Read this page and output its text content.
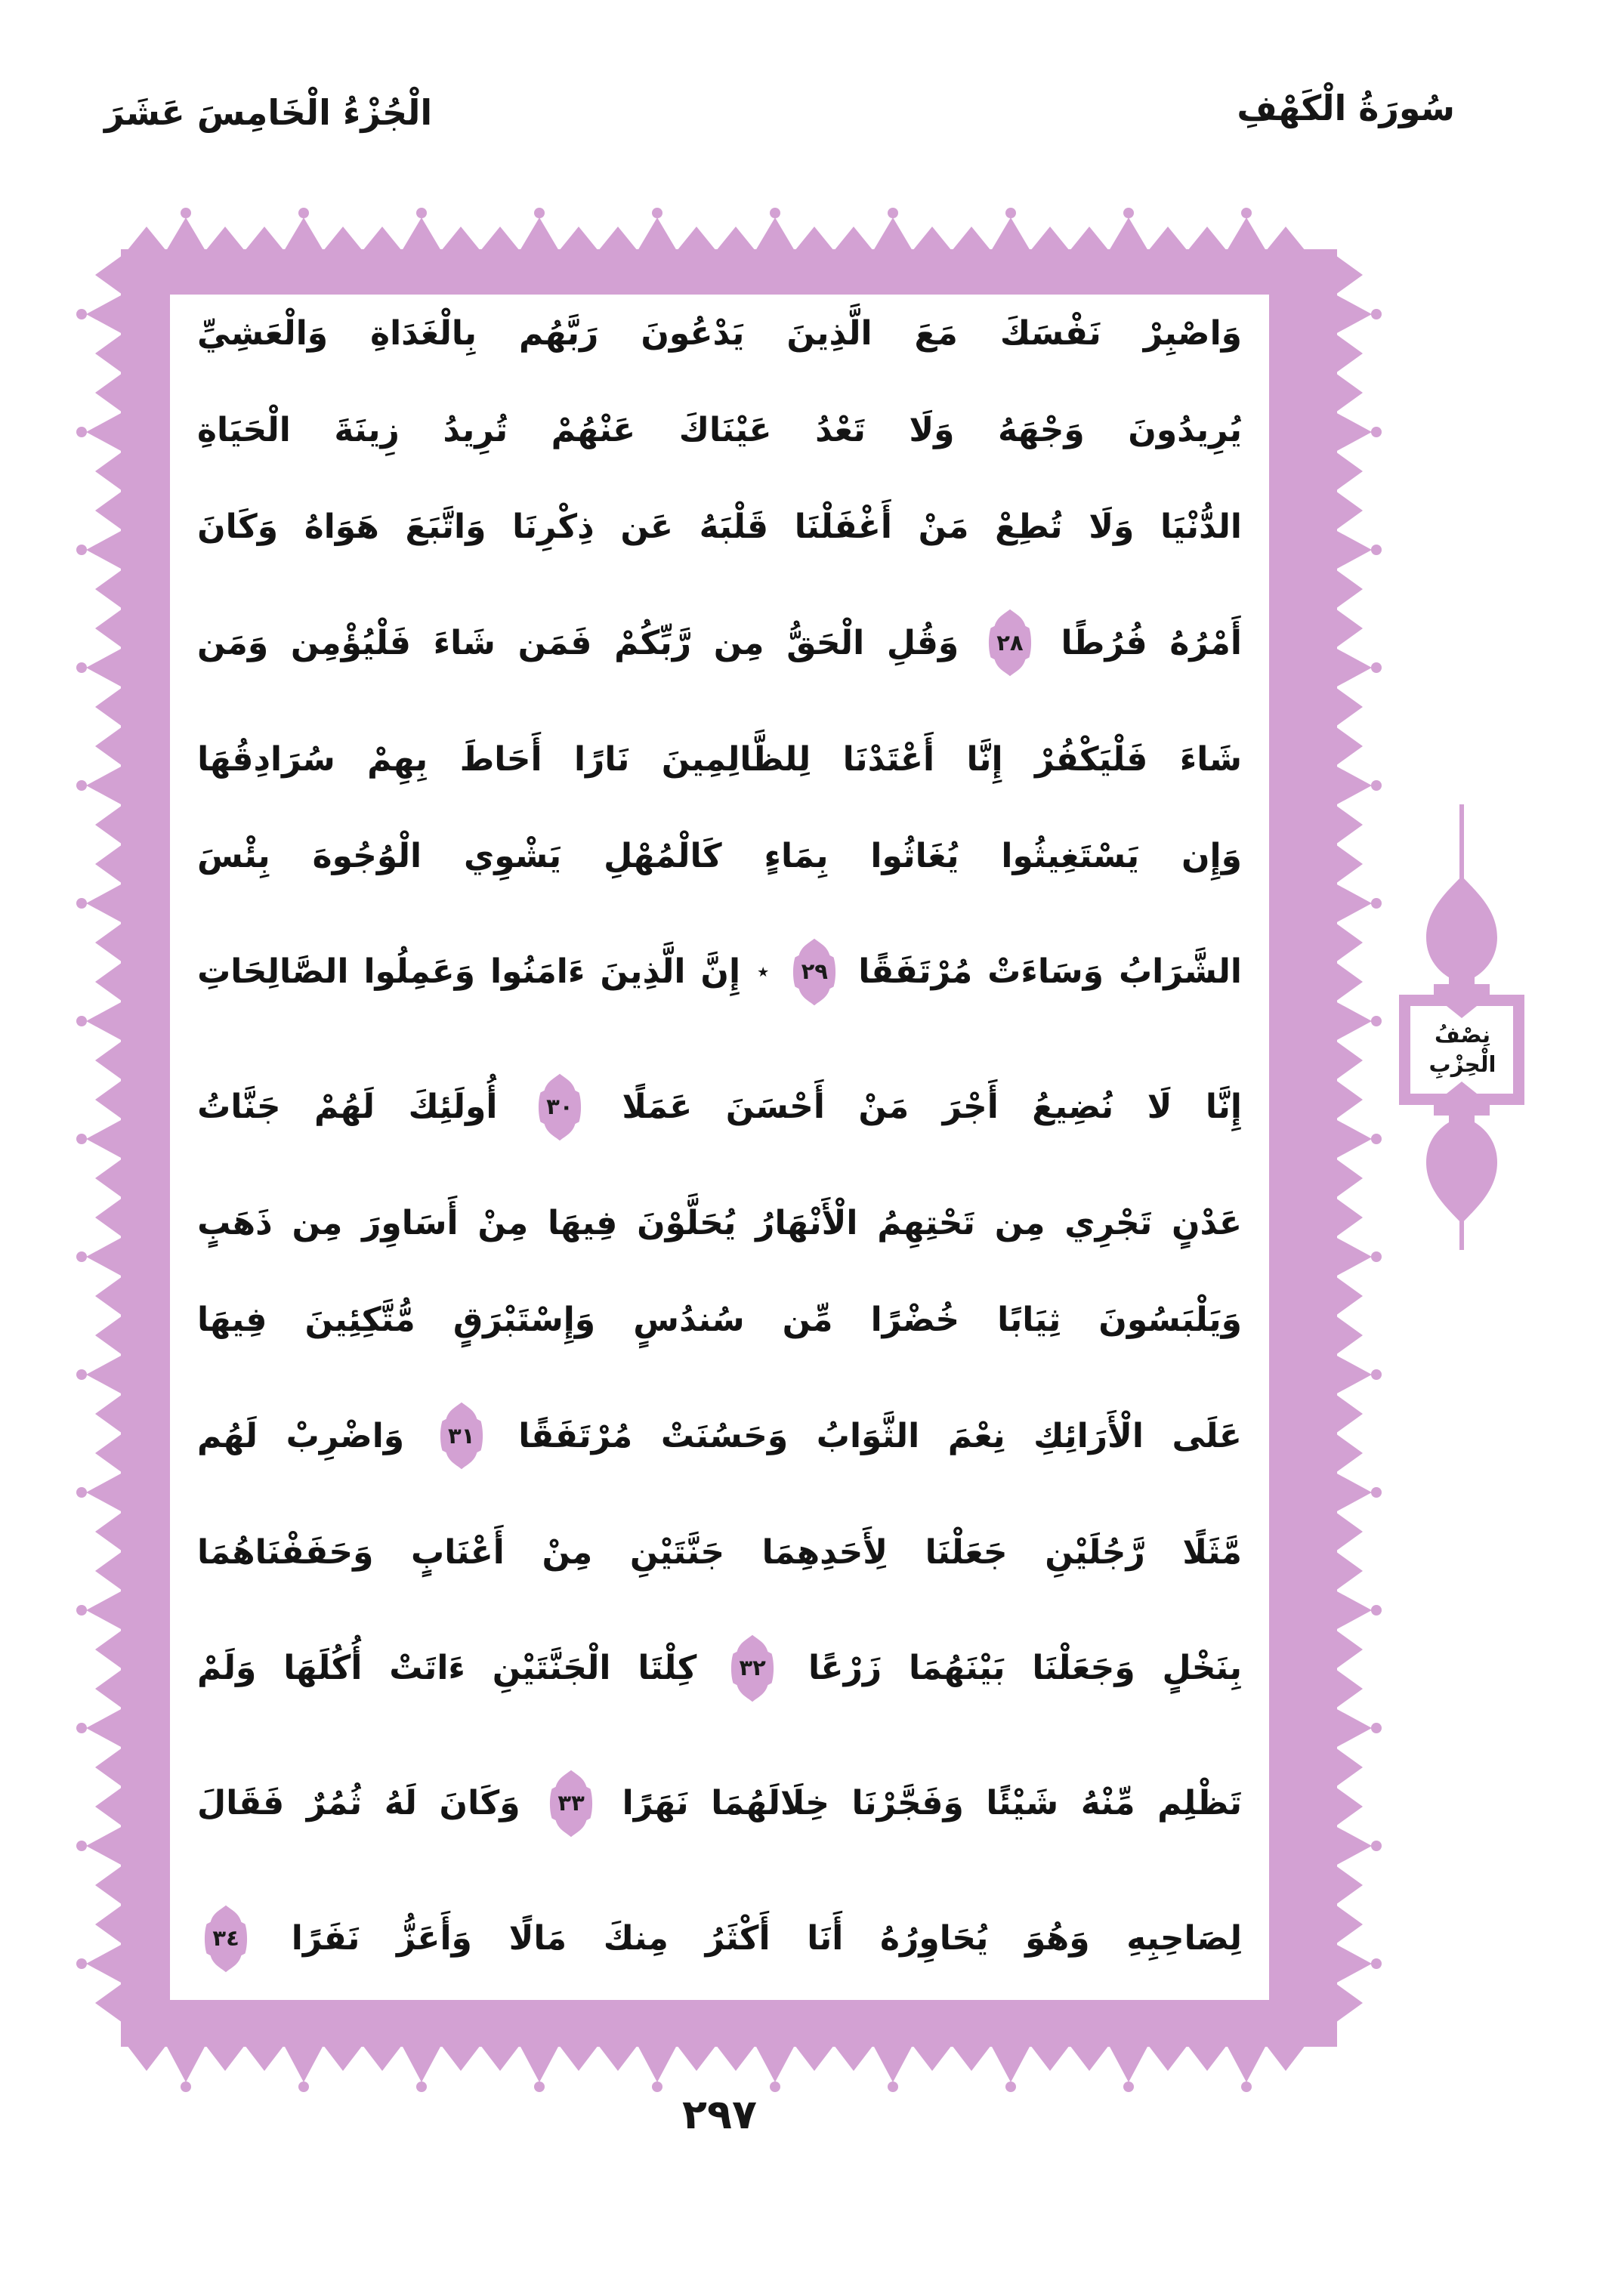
الْجُزْءُ الْخَامِسَ عَشَرَ	سُورَةُ الْكَهْفِ
نِصْفُ
الْحِزْبِ
وَاصْبِرْ
نَفْسَكَ
مَعَ
الَّذِينَ
يَدْعُونَ
رَبَّهُم
بِالْغَدَاةِ
وَالْعَشِيِّ
يُرِيدُونَ
وَجْهَهُ
وَلَا
تَعْدُ
عَيْنَاكَ
عَنْهُمْ
تُرِيدُ
زِينَةَ
الْحَيَاةِ
الدُّنْيَا
وَلَا
تُطِعْ
مَنْ
أَغْفَلْنَا
قَلْبَهُ
عَن
ذِكْرِنَا
وَاتَّبَعَ
هَوَاهُ
وَكَانَ
أَمْرُهُ
فُرُطًا
٢٨
وَقُلِ
الْحَقُّ
مِن
رَّبِّكُمْ
فَمَن
شَاءَ
فَلْيُؤْمِن
وَمَن
شَاءَ
فَلْيَكْفُرْ
إِنَّا
أَعْتَدْنَا
لِلظَّالِمِينَ
نَارًا
أَحَاطَ
بِهِمْ
سُرَادِقُهَا
وَإِن
يَسْتَغِيثُوا
يُغَاثُوا
بِمَاءٍ
كَالْمُهْلِ
يَشْوِي
الْوُجُوهَ
بِئْسَ
الشَّرَابُ
وَسَاءَتْ
مُرْتَفَقًا
٢٩
٭
إِنَّ
الَّذِينَ
ءَامَنُوا
وَعَمِلُوا
الصَّالِحَاتِ
إِنَّا
لَا
نُضِيعُ
أَجْرَ
مَنْ
أَحْسَنَ
عَمَلًا
٣٠
أُولَئِكَ
لَهُمْ
جَنَّاتُ
عَدْنٍ
تَجْرِي
مِن
تَحْتِهِمُ
الْأَنْهَارُ
يُحَلَّوْنَ
فِيهَا
مِنْ
أَسَاوِرَ
مِن
ذَهَبٍ
وَيَلْبَسُونَ
ثِيَابًا
خُضْرًا
مِّن
سُندُسٍ
وَإِسْتَبْرَقٍ
مُّتَّكِئِينَ
فِيهَا
عَلَى
الْأَرَائِكِ
نِعْمَ
الثَّوَابُ
وَحَسُنَتْ
مُرْتَفَقًا
٣١
وَاضْرِبْ
لَهُم
مَّثَلًا
رَّجُلَيْنِ
جَعَلْنَا
لِأَحَدِهِمَا
جَنَّتَيْنِ
مِنْ
أَعْنَابٍ
وَحَفَفْنَاهُمَا
بِنَخْلٍ
وَجَعَلْنَا
بَيْنَهُمَا
زَرْعًا
٣٢
كِلْتَا
الْجَنَّتَيْنِ
ءَاتَتْ
أُكُلَهَا
وَلَمْ
تَظْلِم
مِّنْهُ
شَيْئًا
وَفَجَّرْنَا
خِلَالَهُمَا
نَهَرًا
٣٣
وَكَانَ
لَهُ
ثُمُرٌ
فَقَالَ
لِصَاحِبِهِ
وَهُوَ
يُحَاوِرُهُ
أَنَا
أَكْثَرُ
مِنكَ
مَالًا
وَأَعَزُّ
نَفَرًا
٣٤
٢٩٧
